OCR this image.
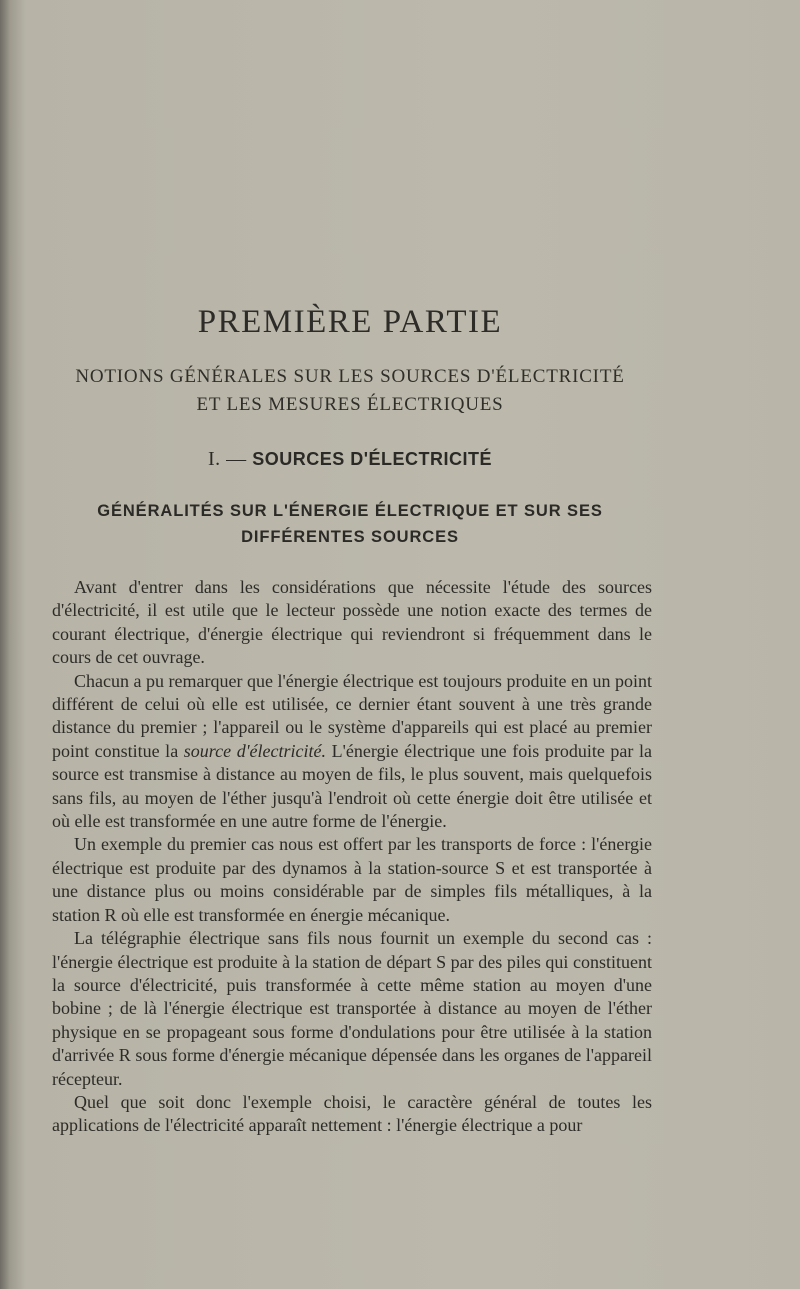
PREMIÈRE PARTIE
NOTIONS GÉNÉRALES SUR LES SOURCES D'ÉLECTRICITÉ
ET LES MESURES ÉLECTRIQUES
I. — SOURCES D'ÉLECTRICITÉ
GÉNÉRALITÉS SUR L'ÉNERGIE ÉLECTRIQUE ET SUR SES
DIFFÉRENTES SOURCES

Avant d'entrer dans les considérations que nécessite l'étude des sources d'électricité, il est utile que le lecteur possède une notion exacte des termes de courant électrique, d'énergie électrique qui reviendront si fréquemment dans le cours de cet ouvrage.

Chacun a pu remarquer que l'énergie électrique est toujours produite en un point différent de celui où elle est utilisée, ce dernier étant souvent à une très grande distance du premier ; l'appareil ou le système d'appareils qui est placé au premier point constitue la source d'électricité. L'énergie électrique une fois produite par la source est transmise à distance au moyen de fils, le plus souvent, mais quelquefois sans fils, au moyen de l'éther jusqu'à l'endroit où cette énergie doit être utilisée et où elle est transformée en une autre forme de l'énergie.

Un exemple du premier cas nous est offert par les transports de force : l'énergie électrique est produite par des dynamos à la station-source S et est transportée à une distance plus ou moins considérable par de simples fils métalliques, à la station R où elle est transformée en énergie mécanique.

La télégraphie électrique sans fils nous fournit un exemple du second cas : l'énergie électrique est produite à la station de départ S par des piles qui constituent la source d'électricité, puis transformée à cette même station au moyen d'une bobine ; de là l'énergie électrique est transportée à distance au moyen de l'éther physique en se propageant sous forme d'ondulations pour être utilisée à la station d'arrivée R sous forme d'énergie mécanique dépensée dans les organes de l'appareil récepteur.

Quel que soit donc l'exemple choisi, le caractère général de toutes les applications de l'électricité apparaît nettement : l'énergie électrique a pour
